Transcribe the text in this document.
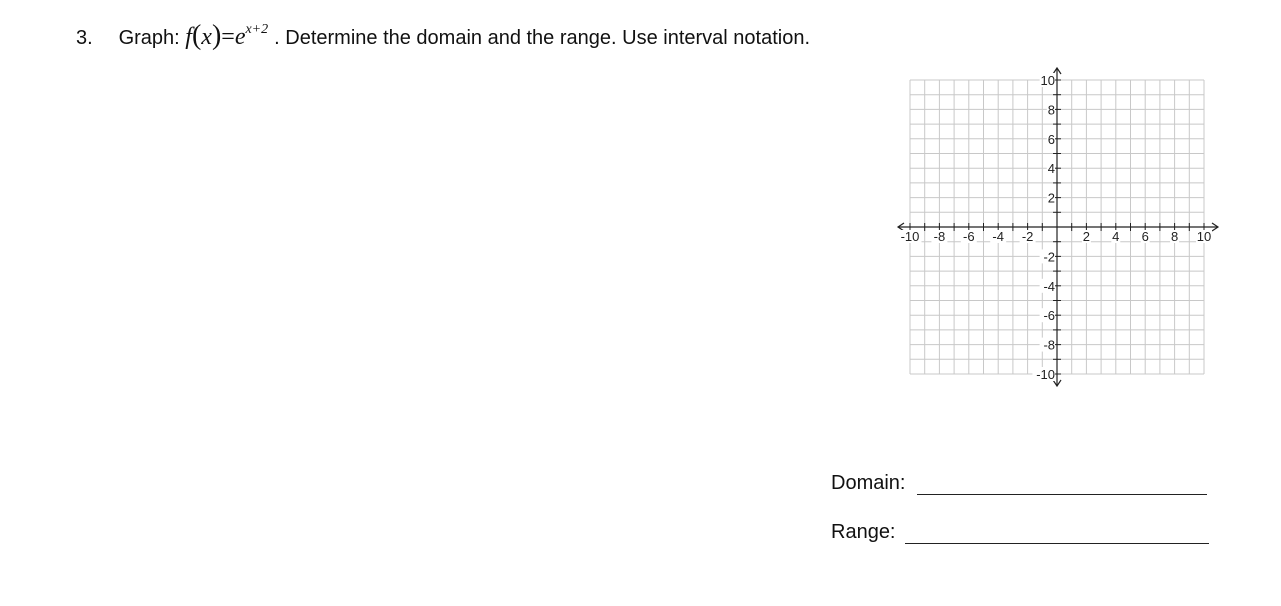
3. Graph: $f(x)=e^{x+2}$ . Determine the domain and the range. Use interval notation.
-10 -8 -6 -4 -2	2 4 6 8 10
10
8
6
4
2
-2
-4
-6
-8
-10
Domain:
Range:
